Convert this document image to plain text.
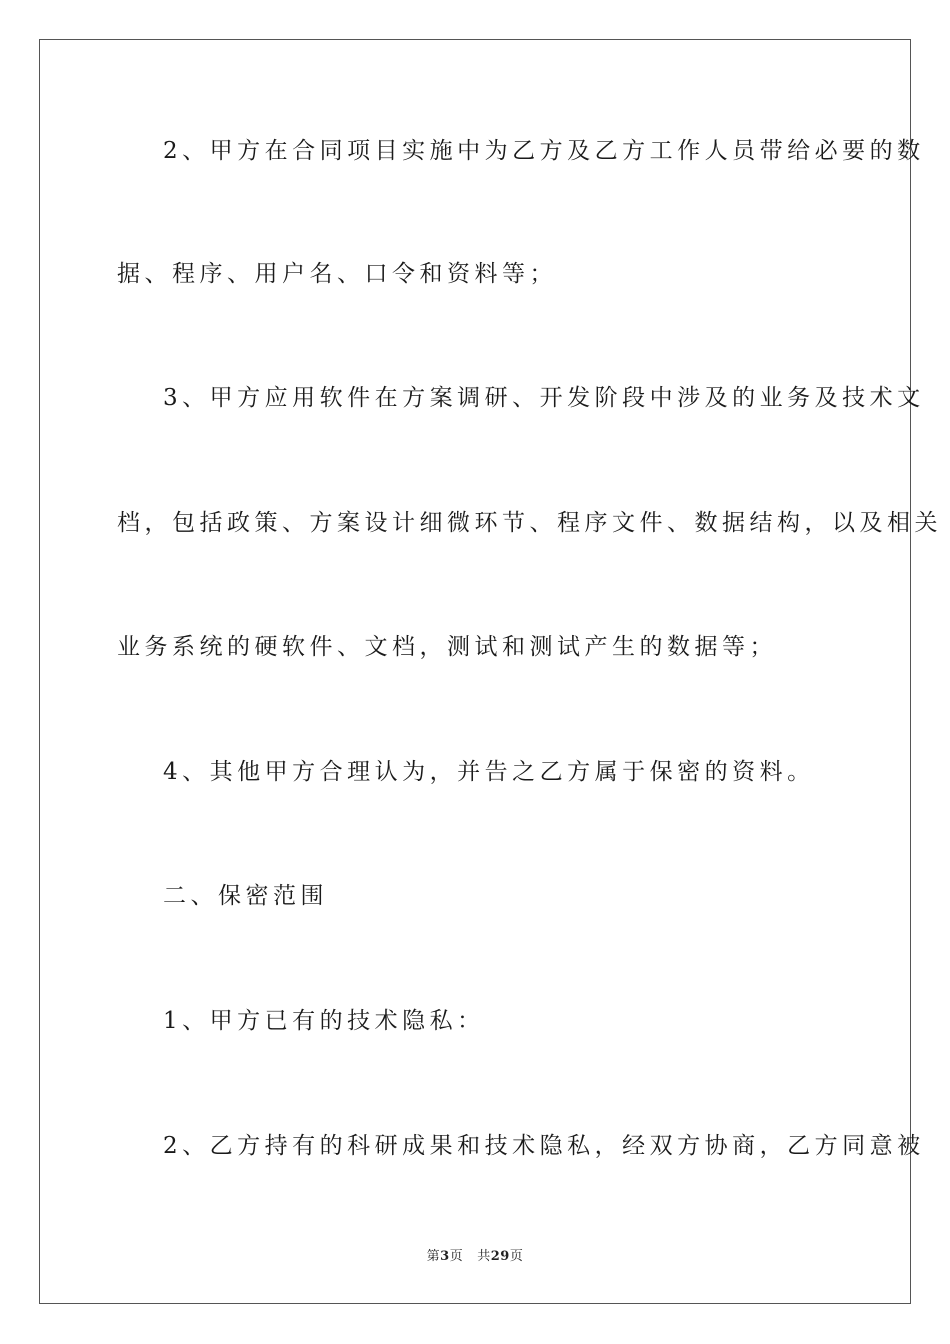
2、甲方在合同项目实施中为乙方及乙方工作人员带给必要的数
据、程序、用户名、口令和资料等；
3、甲方应用软件在方案调研、开发阶段中涉及的业务及技术文
档，包括政策、方案设计细微环节、程序文件、数据结构，以及相关
业务系统的硬软件、文档，测试和测试产生的数据等；
4、其他甲方合理认为，并告之乙方属于保密的资料。
二、保密范围
1、甲方已有的技术隐私：
2、乙方持有的科研成果和技术隐私，经双方协商，乙方同意被
第3页 共29页
